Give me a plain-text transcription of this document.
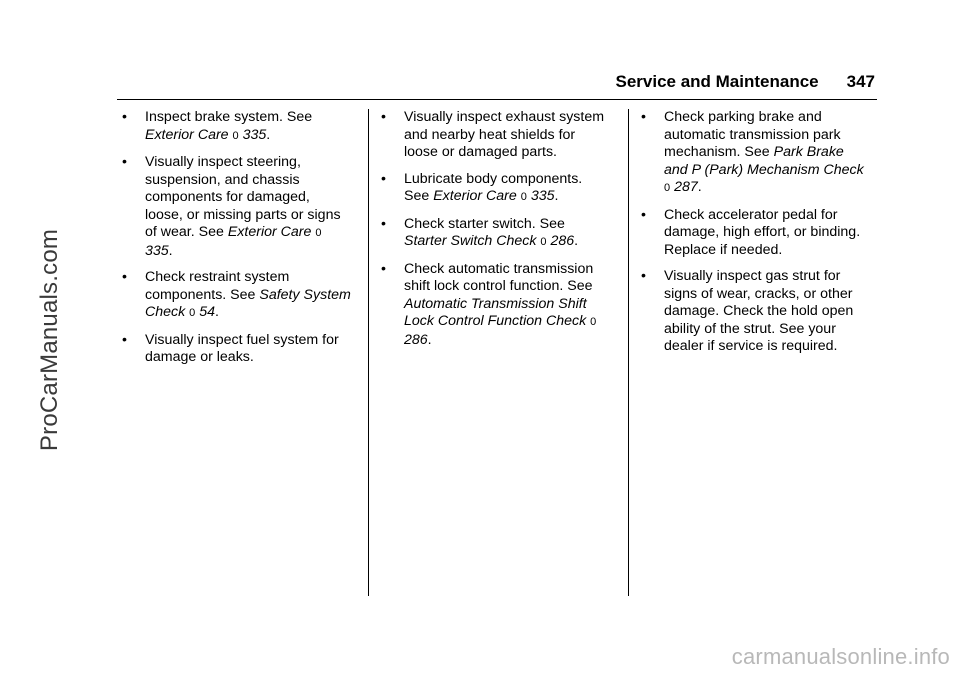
ProCarManuals.com
Service and Maintenance 347
• Inspect brake system. See Exterior Care 0 335.
• Visually inspect steering, suspension, and chassis components for damaged, loose, or missing parts or signs of wear. See Exterior Care 0 335.
• Check restraint system components. See Safety System Check 0 54.
• Visually inspect fuel system for damage or leaks.
• Visually inspect exhaust system and nearby heat shields for loose or damaged parts.
• Lubricate body components. See Exterior Care 0 335.
• Check starter switch. See Starter Switch Check 0 286.
• Check automatic transmission shift lock control function. See Automatic Transmission Shift Lock Control Function Check 0 286.
• Check parking brake and automatic transmission park mechanism. See Park Brake and P (Park) Mechanism Check 0 287.
• Check accelerator pedal for damage, high effort, or binding. Replace if needed.
• Visually inspect gas strut for signs of wear, cracks, or other damage. Check the hold open ability of the strut. See your dealer if service is required.
carmanualsonline.info
